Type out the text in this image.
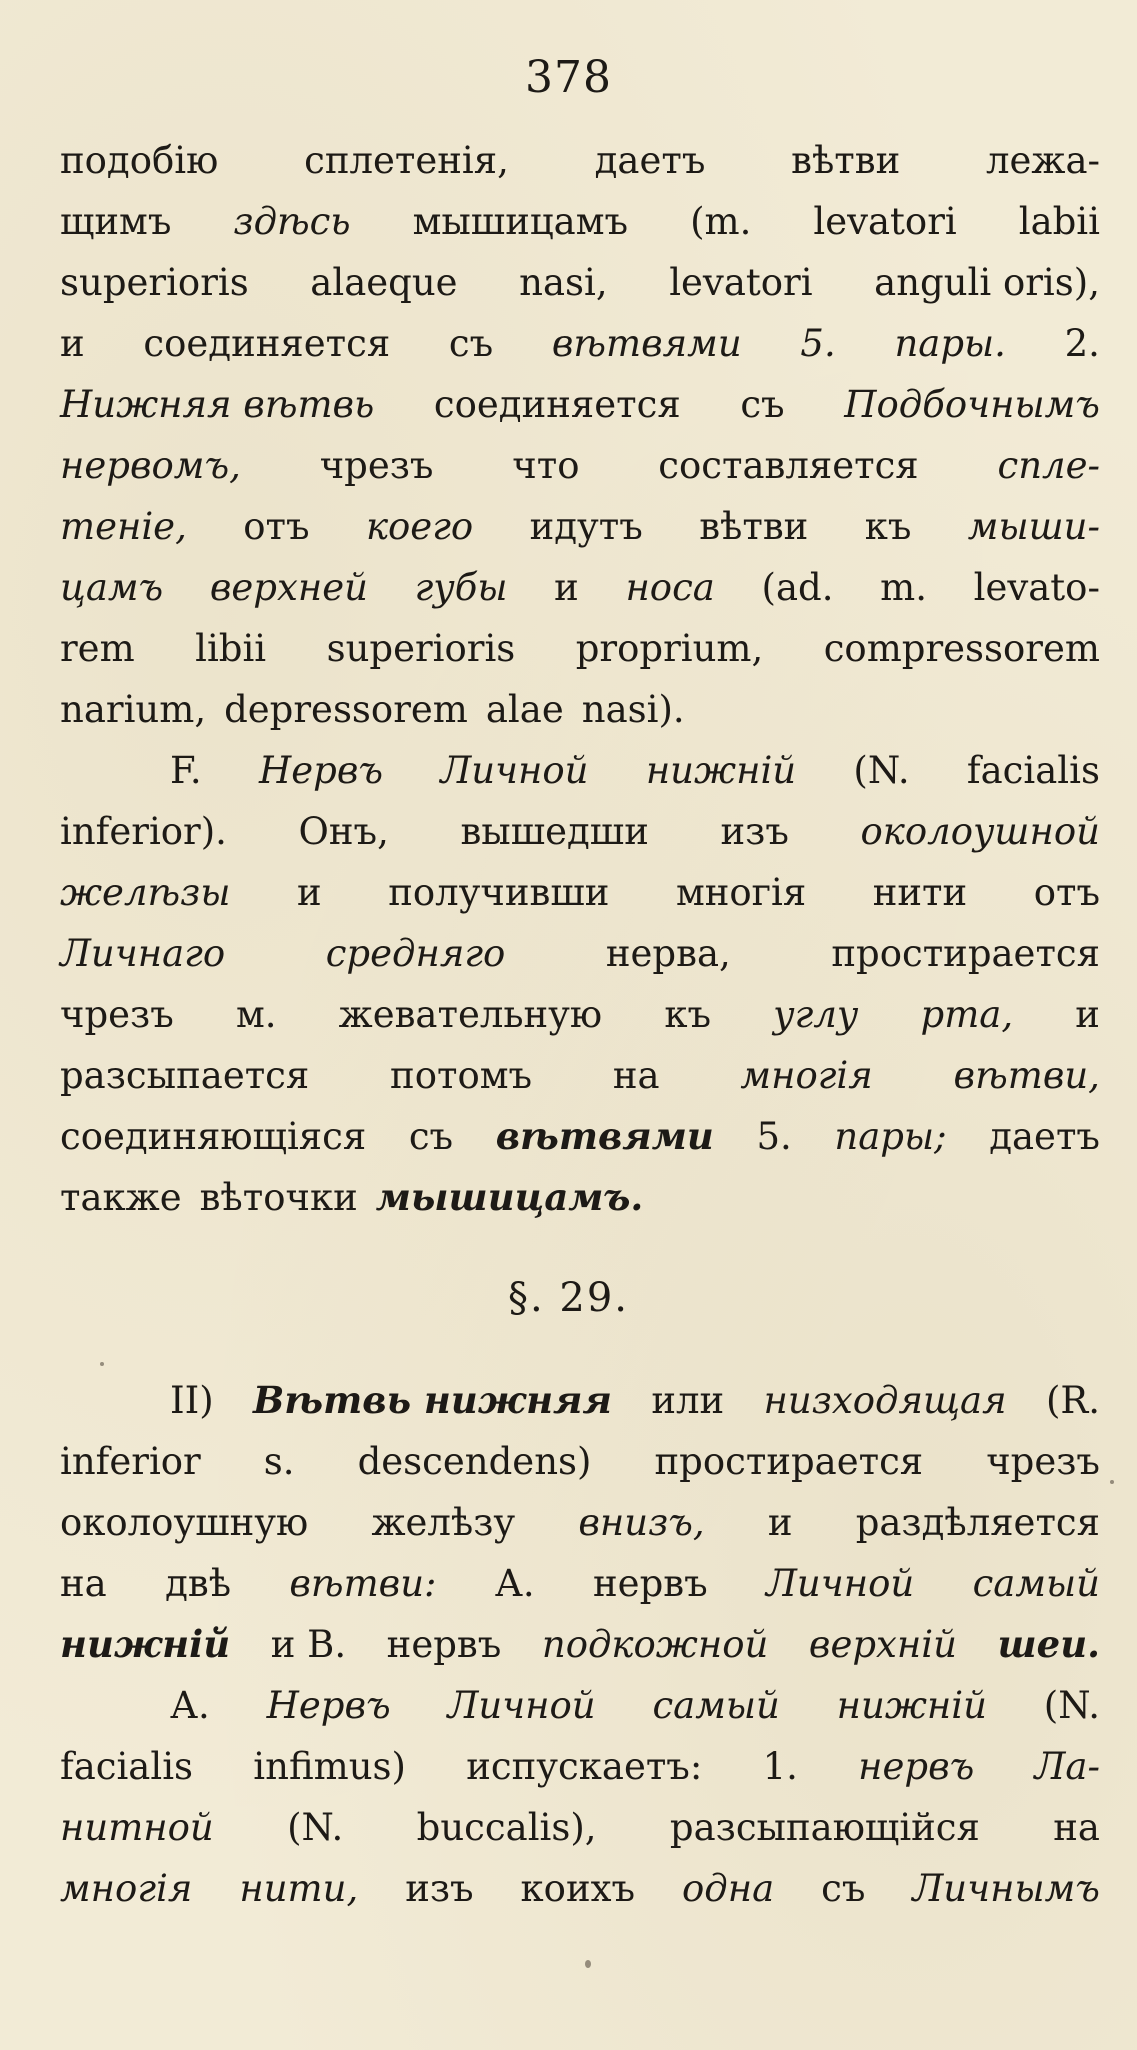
378
подобію сплетенія, даетъ вѣтви лежа-
щимъ здѣсь мышицамъ (m. levatori labii
superioris alaeque nasi, levatori anguli oris),
и соединяется съ вѣтвями 5. пары. 2.
Нижняя вѣтвь соединяется съ Подбочнымъ
нервомъ, чрезъ что составляется спле-
теніе, отъ коего идутъ вѣтви къ мыши-
цамъ верхней губы и носа (ad. m. levato-
rem libii superioris proprium, compressorem
narium, depressorem alae nasi).
F. Нервъ Личной нижній (N. facialis
inferior). Онъ, вышедши изъ околоушной
желѣзы и получивши многія нити отъ
Личнаго	средняго	нерва,	простирается
чрезъ м. жевательную къ углу рта, и
разсыпается потомъ на многія вѣтви,
соединяющіяся съ вѣтвями 5. пары; даетъ
также вѣточки мышицамъ.
§. 29.
II) Вѣтвь нижняя или низходящая (R.
inferior s. descendens) простирается чрезъ
околоушную желѣзу внизъ, и раздѣляется
на двѣ вѣтви: А. нервъ Личной самый
нижній и В. нервъ подкожной верхній шеи.
А. Нервъ Личной самый нижній (N.
facialis infimus) испускаетъ: 1. нервъ Ла-
нитной (N. buccalis), разсыпающійся на
многія нити, изъ коихъ одна съ Личнымъ
